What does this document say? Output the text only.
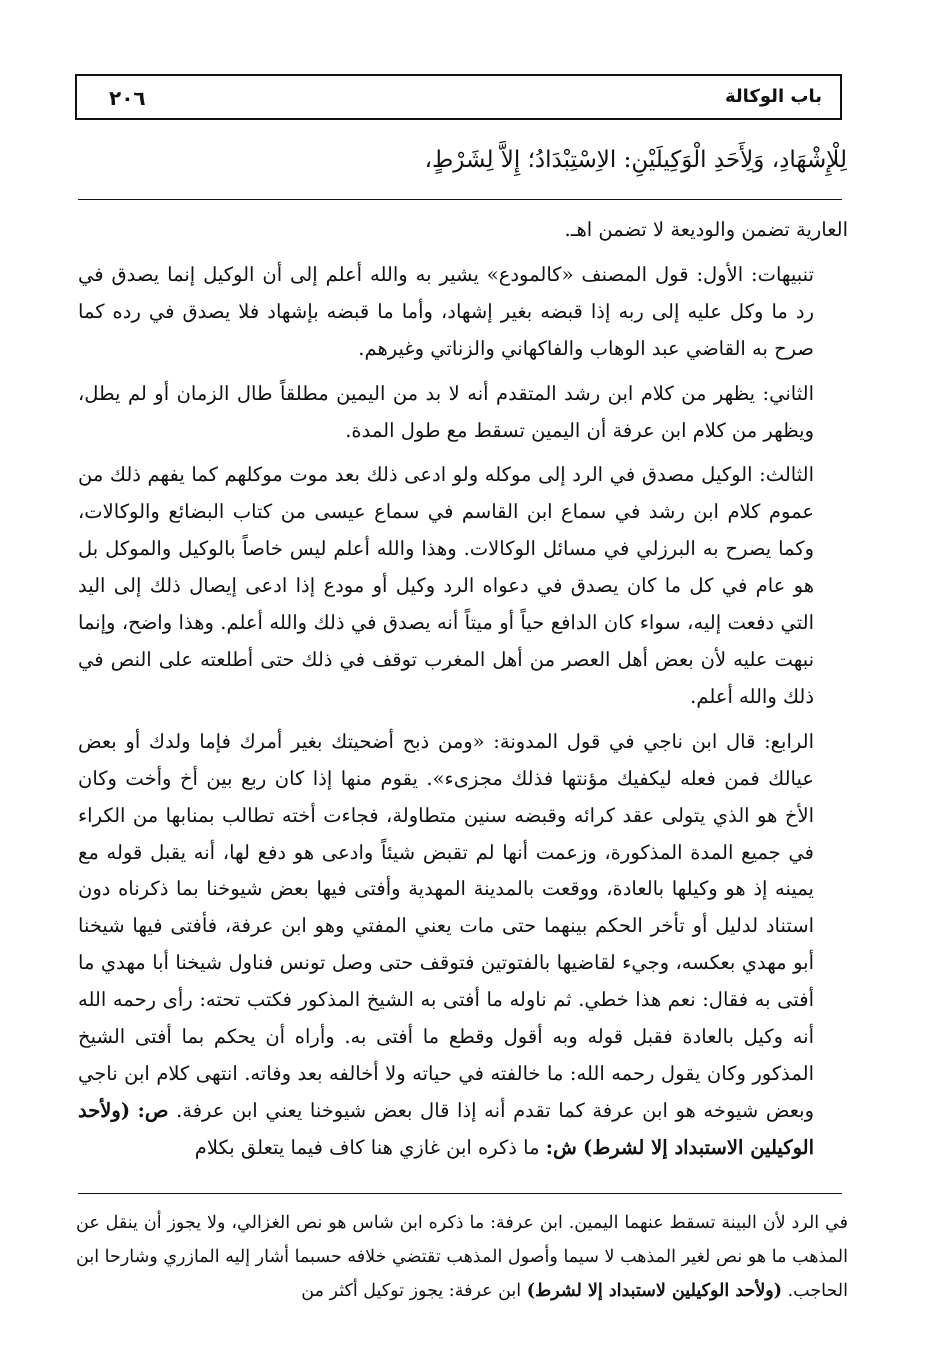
٢٠٦	باب الوكالة
لِلْإِشْهَادِ، وَلِأَحَدِ الْوَكِيلَيْنِ: الاِسْتِبْدَادُ؛ إِلاَّ لِشَرْطٍ،

العارية تضمن والوديعة لا تضمن اهـ.

تنبيهات: الأول: قول المصنف «كالمودع» يشير به والله أعلم إلى أن الوكيل إنما يصدق في رد ما وكل عليه إلى ربه إذا قبضه بغير إشهاد، وأما ما قبضه بإشهاد فلا يصدق في رده كما صرح به القاضي عبد الوهاب والفاكهاني والزناتي وغيرهم.

الثاني: يظهر من كلام ابن رشد المتقدم أنه لا بد من اليمين مطلقاً طال الزمان أو لم يطل، ويظهر من كلام ابن عرفة أن اليمين تسقط مع طول المدة.

الثالث: الوكيل مصدق في الرد إلى موكله ولو ادعى ذلك بعد موت موكلهم كما يفهم ذلك من عموم كلام ابن رشد في سماع ابن القاسم في سماع عيسى من كتاب البضائع والوكالات، وكما يصرح به البرزلي في مسائل الوكالات. وهذا والله أعلم ليس خاصاً بالوكيل والموكل بل هو عام في كل ما كان يصدق في دعواه الرد وكيل أو مودع إذا ادعى إيصال ذلك إلى اليد التي دفعت إليه، سواء كان الدافع حياً أو ميتاً أنه يصدق في ذلك والله أعلم. وهذا واضح، وإنما نبهت عليه لأن بعض أهل العصر من أهل المغرب توقف في ذلك حتى أطلعته على النص في ذلك والله أعلم.

الرابع: قال ابن ناجي في قول المدونة: «ومن ذبح أضحيتك بغير أمرك فإما ولدك أو بعض عيالك فمن فعله ليكفيك مؤنتها فذلك مجزىء». يقوم منها إذا كان ربع بين أخ وأخت وكان الأخ هو الذي يتولى عقد كرائه وقبضه سنين متطاولة، فجاءت أخته تطالب بمنابها من الكراء في جميع المدة المذكورة، وزعمت أنها لم تقبض شيئاً وادعى هو دفع لها، أنه يقبل قوله مع يمينه إذ هو وكيلها بالعادة، ووقعت بالمدينة المهدية وأفتى فيها بعض شيوخنا بما ذكرناه دون استناد لدليل أو تأخر الحكم بينهما حتى مات يعني المفتي وهو ابن عرفة، فأفتى فيها شيخنا أبو مهدي بعكسه، وجيء لقاضيها بالفتوتين فتوقف حتى وصل تونس فناول شيخنا أبا مهدي ما أفتى به فقال: نعم هذا خطي. ثم ناوله ما أفتى به الشيخ المذكور فكتب تحته: رأى رحمه الله أنه وكيل بالعادة فقبل قوله وبه أقول وقطع ما أفتى به. وأراه أن يحكم بما أفتى الشيخ المذكور وكان يقول رحمه الله: ما خالفته في حياته ولا أخالفه بعد وفاته. انتهى كلام ابن ناجي وبعض شيوخه هو ابن عرفة كما تقدم أنه إذا قال بعض شيوخنا يعني ابن عرفة. ص: (ولأحد الوكيلين الاستبداد إلا لشرط) ش: ما ذكره ابن غازي هنا كاف فيما يتعلق بكلام

في الرد لأن البينة تسقط عنهما اليمين. ابن عرفة: ما ذكره ابن شاس هو نص الغزالي، ولا يجوز أن ينقل عن المذهب ما هو نص لغير المذهب لا سيما وأصول المذهب تقتضي خلافه حسبما أشار إليه المازري وشارحا ابن الحاجب. (ولأحد الوكيلين لاستبداد إلا لشرط) ابن عرفة: يجوز توكيل أكثر من
